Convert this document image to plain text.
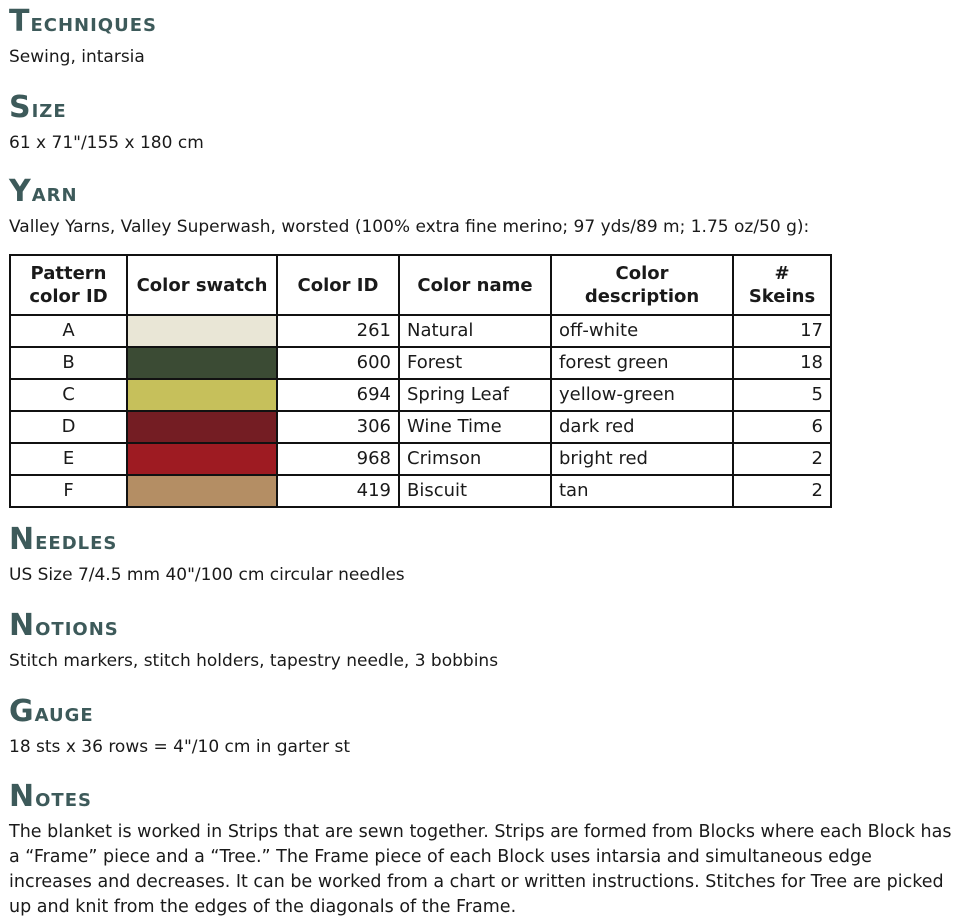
Techniques

Sewing, intarsia

Size

61 x 71"/155 x 180 cm

Yarn

Valley Yarns, Valley Superwash, worsted (100% extra fine merino; 97 yds/89 m; 1.75 oz/50 g):

Pattern
color ID	Color swatch	Color ID	Color name	Color description	# Skeins
A		261	Natural	off-white	17
B		600	Forest	forest green	18
C		694	Spring Leaf	yellow-green	5
D		306	Wine Time	dark red	6
E		968	Crimson	bright red	2
F		419	Biscuit	tan	2
Needles

US Size 7/4.5 mm 40"/100 cm circular needles

Notions

Stitch markers, stitch holders, tapestry needle, 3 bobbins

Gauge

18 sts x 36 rows = 4"/10 cm in garter st

Notes

The blanket is worked in Strips that are sewn together. Strips are formed from Blocks where each Block has a “Frame” piece and a “Tree.” The Frame piece of each Block uses intarsia and simultaneous edge increases and decreases. It can be worked from a chart or written instructions. Stitches for Tree are picked up and knit from the edges of the diagonals of the Frame.
